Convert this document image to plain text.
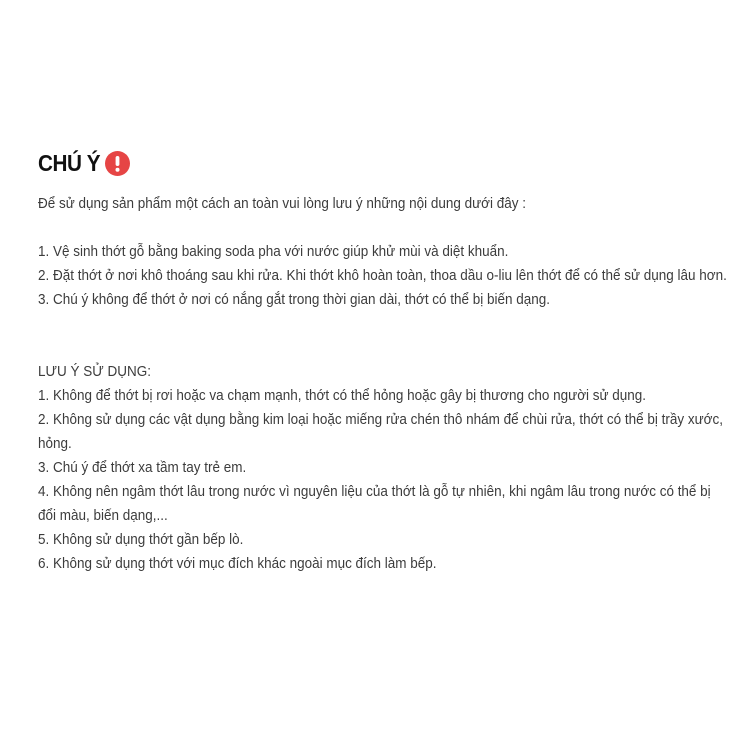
CHÚ Ý
Để sử dụng sản phẩm một cách an toàn vui lòng lưu ý những nội dung dưới đây :
1. Vệ sinh thớt gỗ bằng baking soda pha với nước giúp khử mùi và diệt khuẩn.
2. Đặt thớt ở nơi khô thoáng sau khi rửa. Khi thớt khô hoàn toàn, thoa dầu o-liu lên thớt để có thể sử dụng lâu hơn.
3. Chú ý không để thớt ở nơi có nắng gắt trong thời gian dài, thớt có thể bị biến dạng.
LƯU Ý SỬ DỤNG:
1. Không để thớt bị rơi hoặc va chạm mạnh, thớt có thể hỏng hoặc gây bị thương cho người sử dụng.
2. Không sử dụng các vật dụng bằng kim loại hoặc miếng rửa chén thô nhám để chùi rửa, thớt có thể bị trầy xước, hỏng.
3. Chú ý để thớt xa tầm tay trẻ em.
4. Không nên ngâm thớt lâu trong nước vì nguyên liệu của thớt là gỗ tự nhiên, khi ngâm lâu trong nước có thể bị đổi màu, biến dạng,...
5. Không sử dụng thớt gần bếp lò.
6. Không sử dụng thớt với mục đích khác ngoài mục đích làm bếp.
